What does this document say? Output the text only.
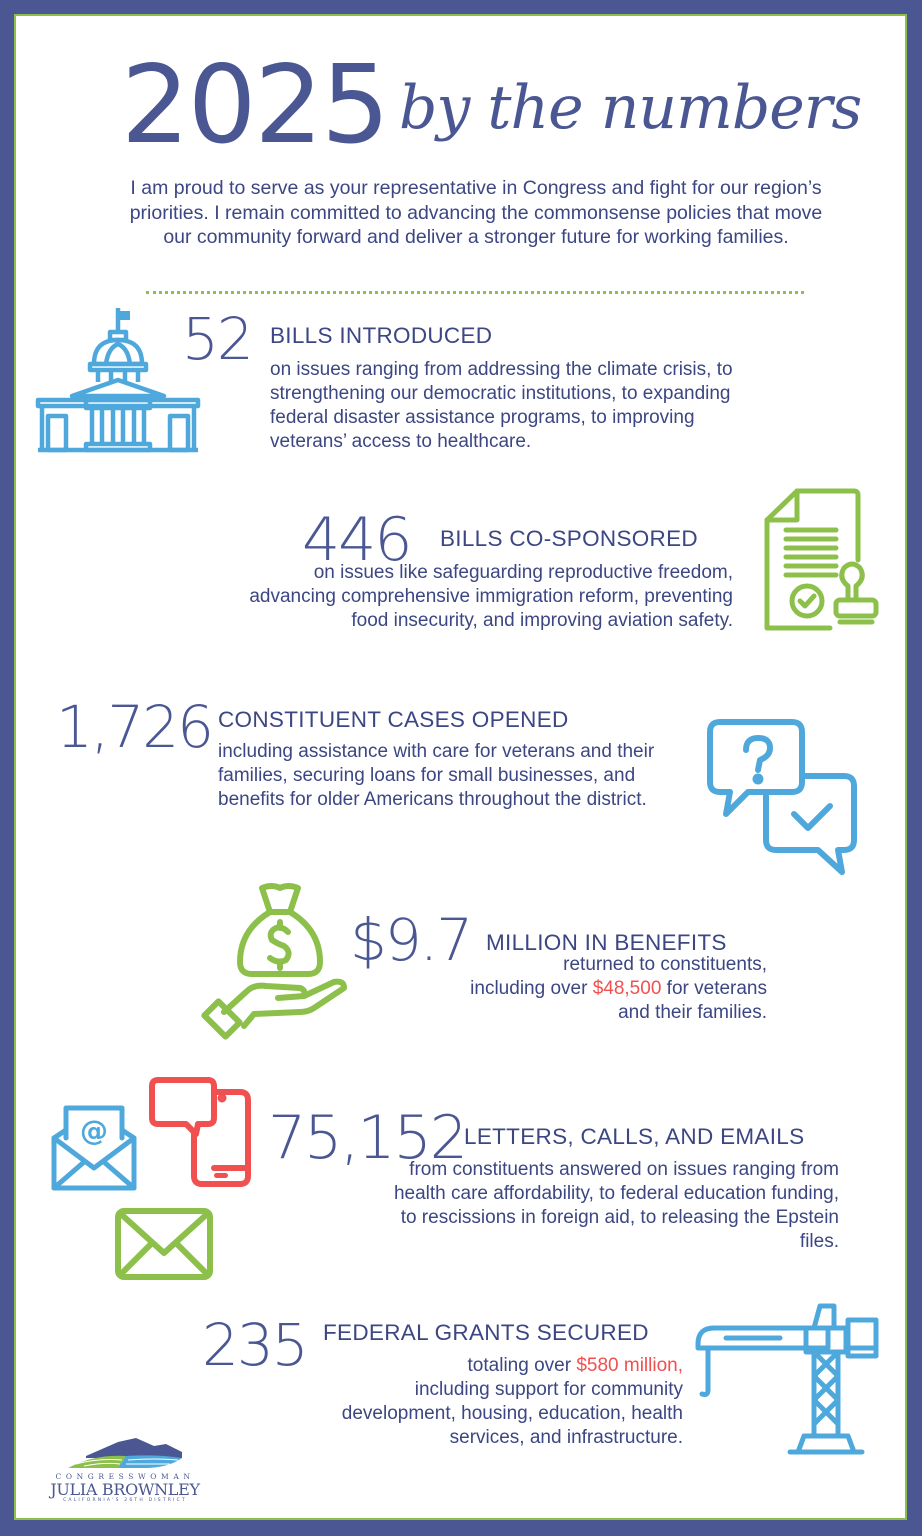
2025 by the numbers
I am proud to serve as your representative in Congress and fight for our region’s priorities. I remain committed to advancing the commonsense policies that move our community forward and deliver a stronger future for working families.
52 BILLS INTRODUCED
on issues ranging from addressing the climate crisis, to strengthening our democratic institutions, to expanding federal disaster assistance programs, to improving veterans’ access to healthcare.
446 BILLS CO-SPONSORED
on issues like safeguarding reproductive freedom, advancing comprehensive immigration reform, preventing food insecurity, and improving aviation safety.
1,726 CONSTITUENT CASES OPENED
including assistance with care for veterans and their families, securing loans for small businesses, and benefits for older Americans throughout the district.
$9.7 MILLION IN BENEFITS
returned to constituents,
including over $48,500 for veterans
and their families.
@	75,152
LETTERS, CALLS, AND EMAILS
from constituents answered on issues ranging from health care affordability, to federal education funding, to rescissions in foreign aid, to releasing the Epstein files.
235 FEDERAL GRANTS SECURED
totaling over $580 million,
including support for community development, housing, education, health services, and infrastructure.
CONGRESSWOMAN
JULIA BROWNLEY
CALIFORNIA'S 26TH DISTRICT
